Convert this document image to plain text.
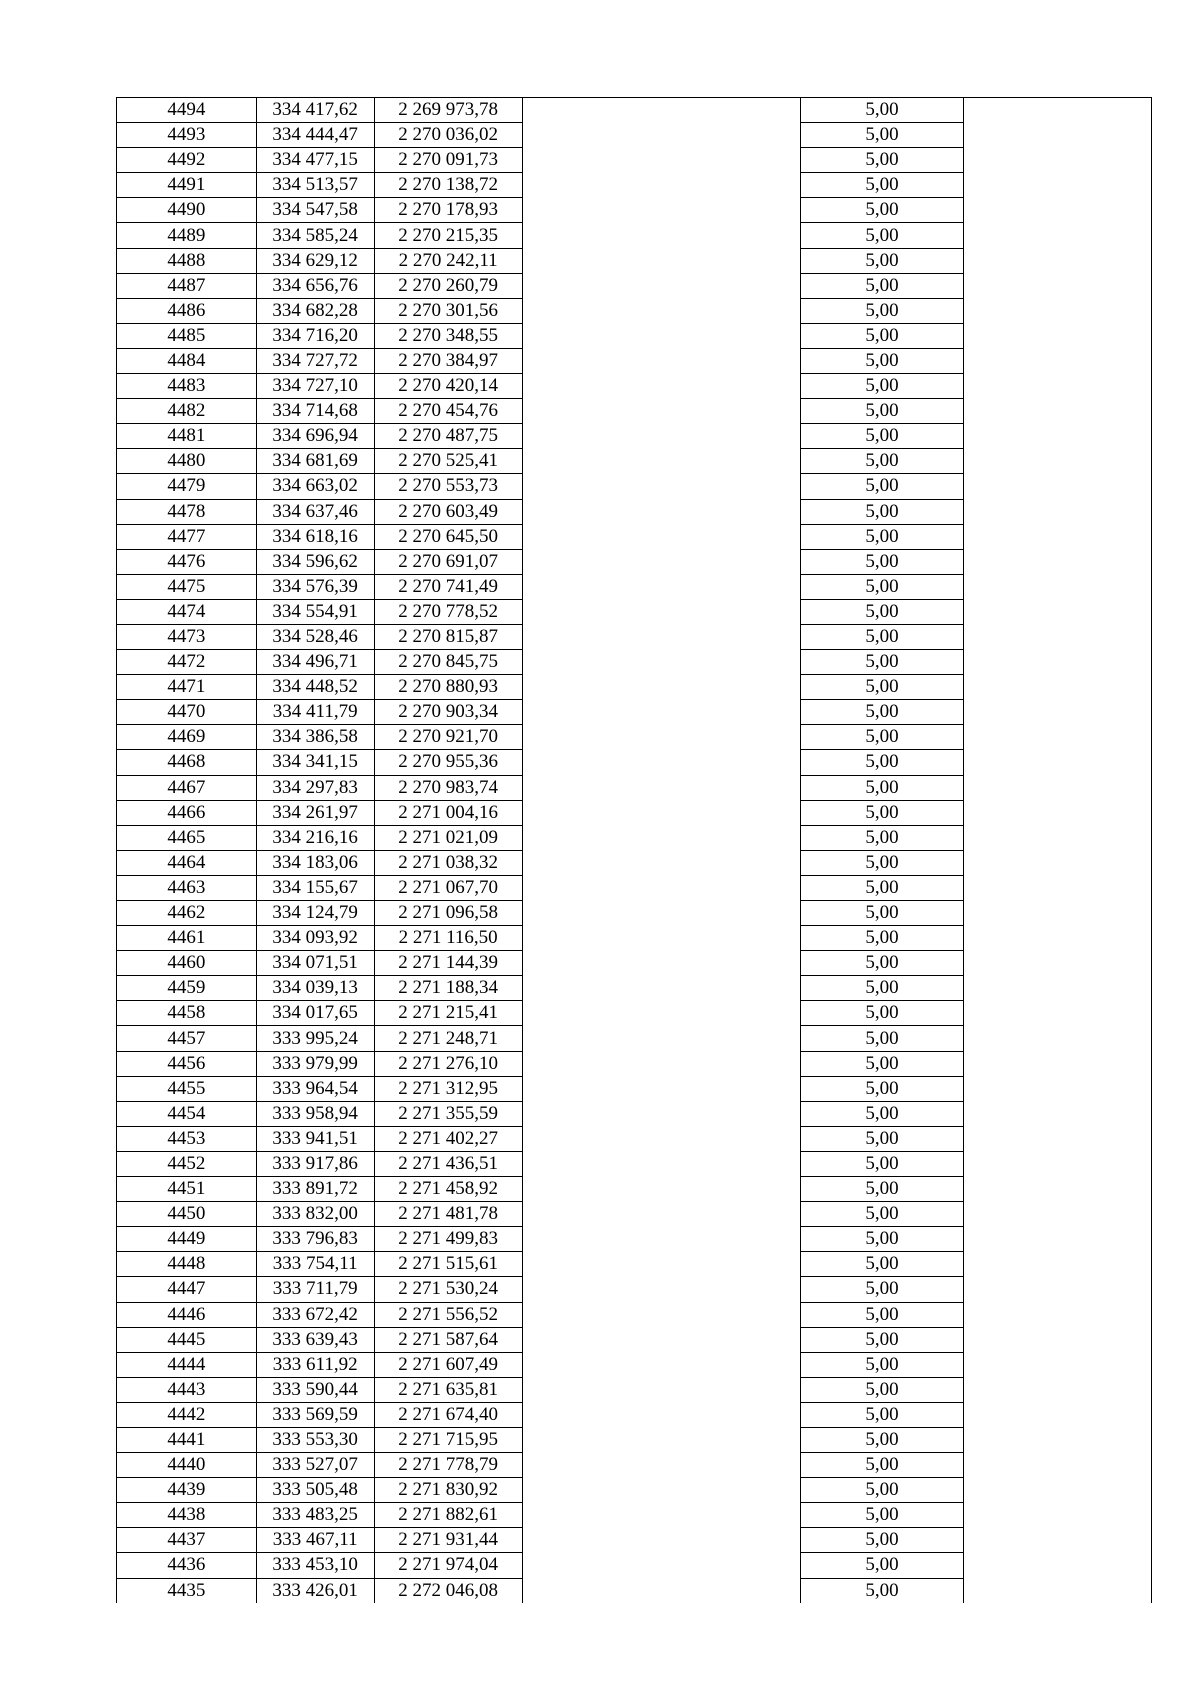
4494	334 417,62	2 269 973,78		5,00	
4493	334 444,47	2 270 036,02		5,00	
4492	334 477,15	2 270 091,73		5,00	
4491	334 513,57	2 270 138,72		5,00	
4490	334 547,58	2 270 178,93		5,00	
4489	334 585,24	2 270 215,35		5,00	
4488	334 629,12	2 270 242,11		5,00	
4487	334 656,76	2 270 260,79		5,00	
4486	334 682,28	2 270 301,56		5,00	
4485	334 716,20	2 270 348,55		5,00	
4484	334 727,72	2 270 384,97		5,00	
4483	334 727,10	2 270 420,14		5,00	
4482	334 714,68	2 270 454,76		5,00	
4481	334 696,94	2 270 487,75		5,00	
4480	334 681,69	2 270 525,41		5,00	
4479	334 663,02	2 270 553,73		5,00	
4478	334 637,46	2 270 603,49		5,00	
4477	334 618,16	2 270 645,50		5,00	
4476	334 596,62	2 270 691,07		5,00	
4475	334 576,39	2 270 741,49		5,00	
4474	334 554,91	2 270 778,52		5,00	
4473	334 528,46	2 270 815,87		5,00	
4472	334 496,71	2 270 845,75		5,00	
4471	334 448,52	2 270 880,93		5,00	
4470	334 411,79	2 270 903,34		5,00	
4469	334 386,58	2 270 921,70		5,00	
4468	334 341,15	2 270 955,36		5,00	
4467	334 297,83	2 270 983,74		5,00	
4466	334 261,97	2 271 004,16		5,00	
4465	334 216,16	2 271 021,09		5,00	
4464	334 183,06	2 271 038,32		5,00	
4463	334 155,67	2 271 067,70		5,00	
4462	334 124,79	2 271 096,58		5,00	
4461	334 093,92	2 271 116,50		5,00	
4460	334 071,51	2 271 144,39		5,00	
4459	334 039,13	2 271 188,34		5,00	
4458	334 017,65	2 271 215,41		5,00	
4457	333 995,24	2 271 248,71		5,00	
4456	333 979,99	2 271 276,10		5,00	
4455	333 964,54	2 271 312,95		5,00	
4454	333 958,94	2 271 355,59		5,00	
4453	333 941,51	2 271 402,27		5,00	
4452	333 917,86	2 271 436,51		5,00	
4451	333 891,72	2 271 458,92		5,00	
4450	333 832,00	2 271 481,78		5,00	
4449	333 796,83	2 271 499,83		5,00	
4448	333 754,11	2 271 515,61		5,00	
4447	333 711,79	2 271 530,24		5,00	
4446	333 672,42	2 271 556,52		5,00	
4445	333 639,43	2 271 587,64		5,00	
4444	333 611,92	2 271 607,49		5,00	
4443	333 590,44	2 271 635,81		5,00	
4442	333 569,59	2 271 674,40		5,00	
4441	333 553,30	2 271 715,95		5,00	
4440	333 527,07	2 271 778,79		5,00	
4439	333 505,48	2 271 830,92		5,00	
4438	333 483,25	2 271 882,61		5,00	
4437	333 467,11	2 271 931,44		5,00	
4436	333 453,10	2 271 974,04		5,00	
4435	333 426,01	2 272 046,08		5,00	
